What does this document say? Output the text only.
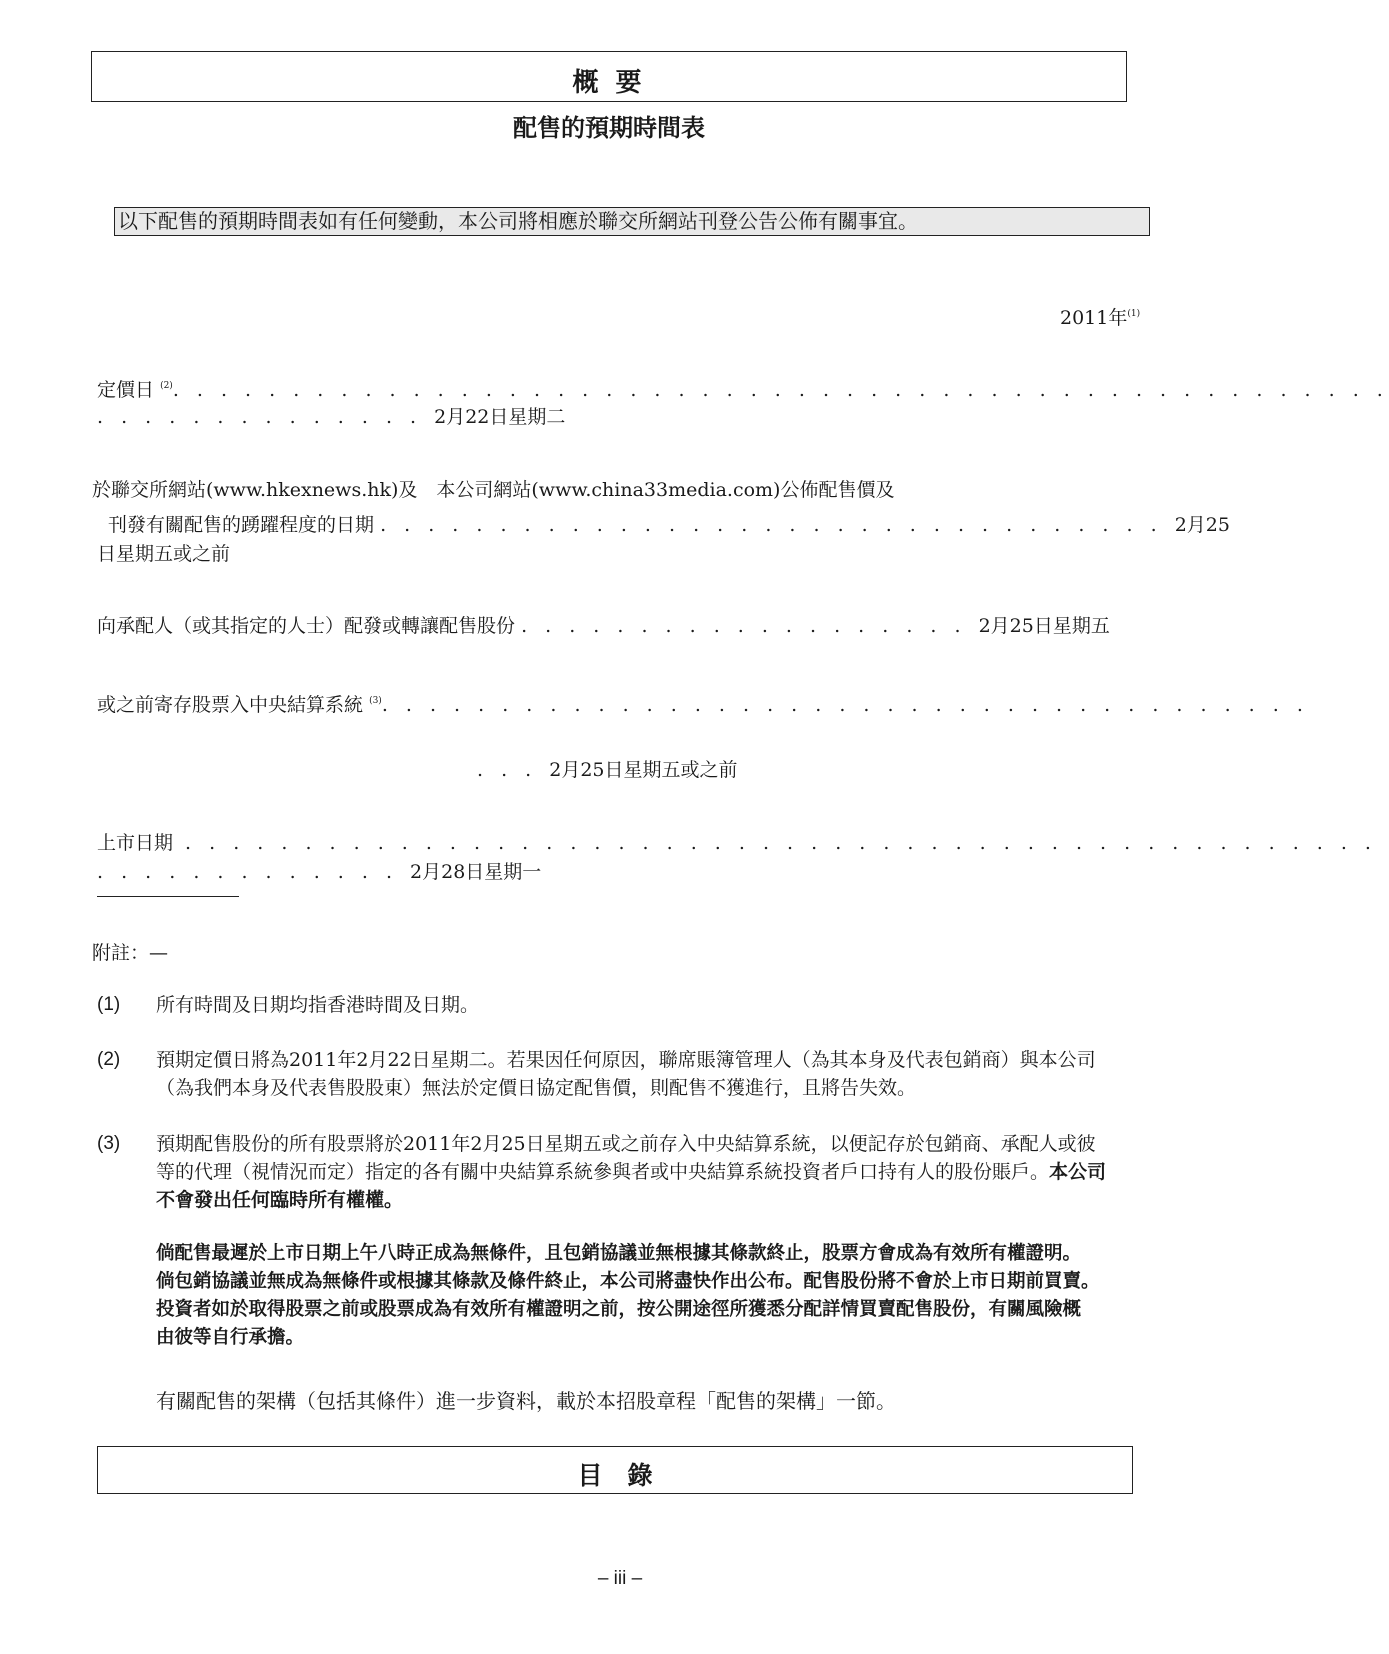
概 要
配售的預期時間表
以下配售的預期時間表如有任何變動，本公司將相應於聯交所網站刊登公告公佈有關事宜。
2011年$^{(1)}$
定價日 $^{(2)}$. . . . . . . . . . . . . . . . . . . . . . . . . . . . . . . . . . . . . . . . . . . . . . . . . . .
. . . . . . . . . . . . . . 2月22日星期二
於聯交所網站(www.hkexnews.hk)及　本公司網站(www.china33media.com)公佈配售價及
刊發有關配售的踴躍程度的日期 . . . . . . . . . . . . . . . . . . . . . . . . . . . . . . . . . 2月25
日星期五或之前
向承配人（或其指定的人士）配發或轉讓配售股份 . . . . . . . . . . . . . . . . . . . 2月25日星期五
或之前寄存股票入中央結算系統 $^{(3)}$. . . . . . . . . . . . . . . . . . . . . . . . . . . . . . . . . . . . . . .
. . . 2月25日星期五或之前
上市日期 . . . . . . . . . . . . . . . . . . . . . . . . . . . . . . . . . . . . . . . . . . . . . . . . . .
. . . . . . . . . . . . . 2月28日星期一
附註：—
(1) 所有時間及日期均指香港時間及日期。
(2) 預期定價日將為2011年2月22日星期二。若果因任何原因，聯席賬簿管理人（為其本身及代表包銷商）與本公司
（為我們本身及代表售股股東）無法於定價日協定配售價，則配售不獲進行，且將告失效。
(3) 預期配售股份的所有股票將於2011年2月25日星期五或之前存入中央結算系統，以便記存於包銷商、承配人或彼
等的代理（視情況而定）指定的各有關中央結算系統參與者或中央結算系統投資者戶口持有人的股份賬戶。本公司
不會發出任何臨時所有權權。
倘配售最遲於上市日期上午八時正成為無條件，且包銷協議並無根據其條款終止，股票方會成為有效所有權證明。
倘包銷協議並無成為無條件或根據其條款及條件終止，本公司將盡快作出公布。配售股份將不會於上市日期前買賣。
投資者如於取得股票之前或股票成為有效所有權證明之前，按公開途徑所獲悉分配詳情買賣配售股份，有關風險概
由彼等自行承擔。
有關配售的架構（包括其條件）進一步資料，載於本招股章程「配售的架構」一節。
目　錄
– iii –
